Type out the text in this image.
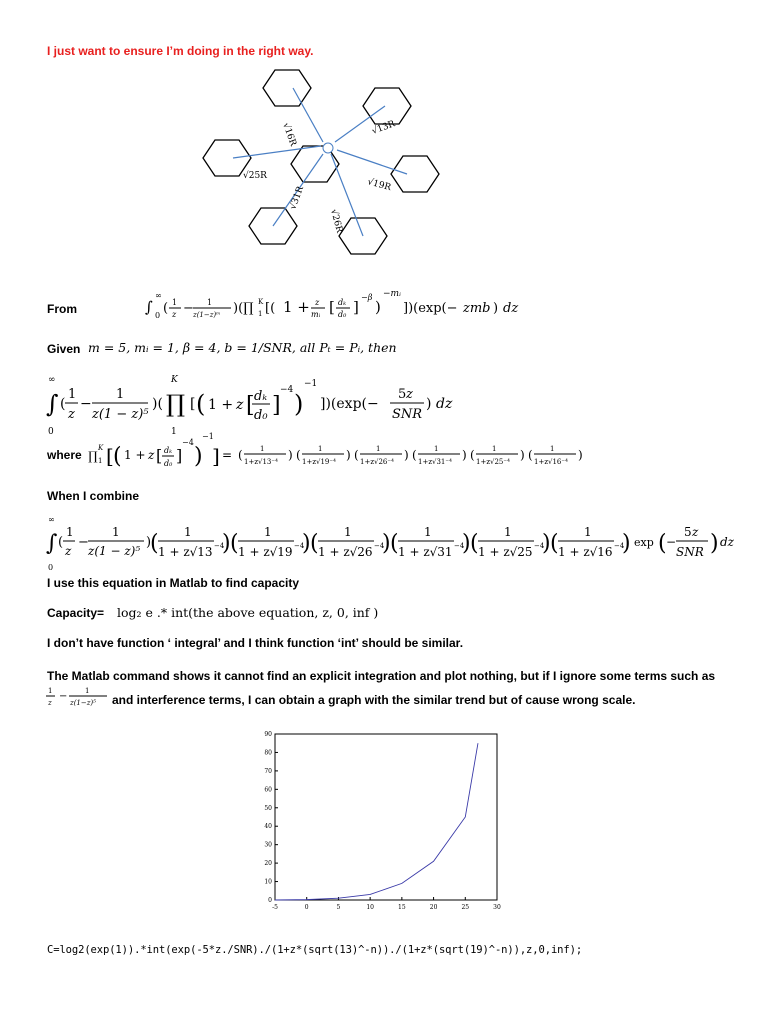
I just want to ensure I’m doing in the right way.
√16R	√13R
√25R
√19R
√31R
√26R
From	∫
∞
0 ( 1
z − 1
z(1−z)ᵐ )(∏ K
1 [( 1 + z
mᵢ [ dₖ
d₀ ]
−β
)
−mᵢ
])(exp(− zmb ) dz
Given m = 5, mᵢ = 1, β = 4, b = 1/SNR, all Pₜ = Pᵢ, then
∫
∞
0
(
1
z
−
1
z(1 − z)⁵
)( ∏
K
1
[ ( 1 + z [ dₖ
d₀ ]
−4 )
−1
])(exp(−
5 z
SNR
) dz
where ∏
K
1 [ ( 1 + z [ dₖ
d₀ ]
−4
)
−1
] = ( 1
1+z√13⁻⁴ ) ( 1
1+z√19⁻⁴ ) ( 1
1+z√26⁻⁴ ) ( 1
1+z√31⁻⁴ ) ( 1
1+z√25⁻⁴ ) ( 1
1+z√16⁻⁴ )
When I combine
∫
∞
0
(
1
z
−
1
z(1 − z)⁵
)
( 1
1 + z√13 −4
) ( 1
1 + z√19 −4
) ( 1
1 + z√26 −4
) ( 1
1 + z√31 −4
) ( 1
1 + z√25 −4
) ( 1
1 + z√16 −4
) exp ( −
5 z
SNR ) dz
I use this equation in Matlab to find capacity
Capacity= log₂ e .* int(the above equation, z, 0, inf )
I don’t have function ‘ integral’ and I think function ‘int’ should be similar.
The Matlab command shows it cannot find an explicit integration and plot nothing, but if I ignore some terms such as
1
z
−	1
z(1−z)⁵ and interference terms, I can obtain a graph with the similar trend but of cause wrong scale.
-5	0	5	10	15	20	25	30
0
10
20
30
40
50
60
70
80
90
C=log2(exp(1)).*int(exp(-5*z./SNR)./(1+z*(sqrt(13)^-n))./(1+z*(sqrt(19)^-n)),z,0,inf);
